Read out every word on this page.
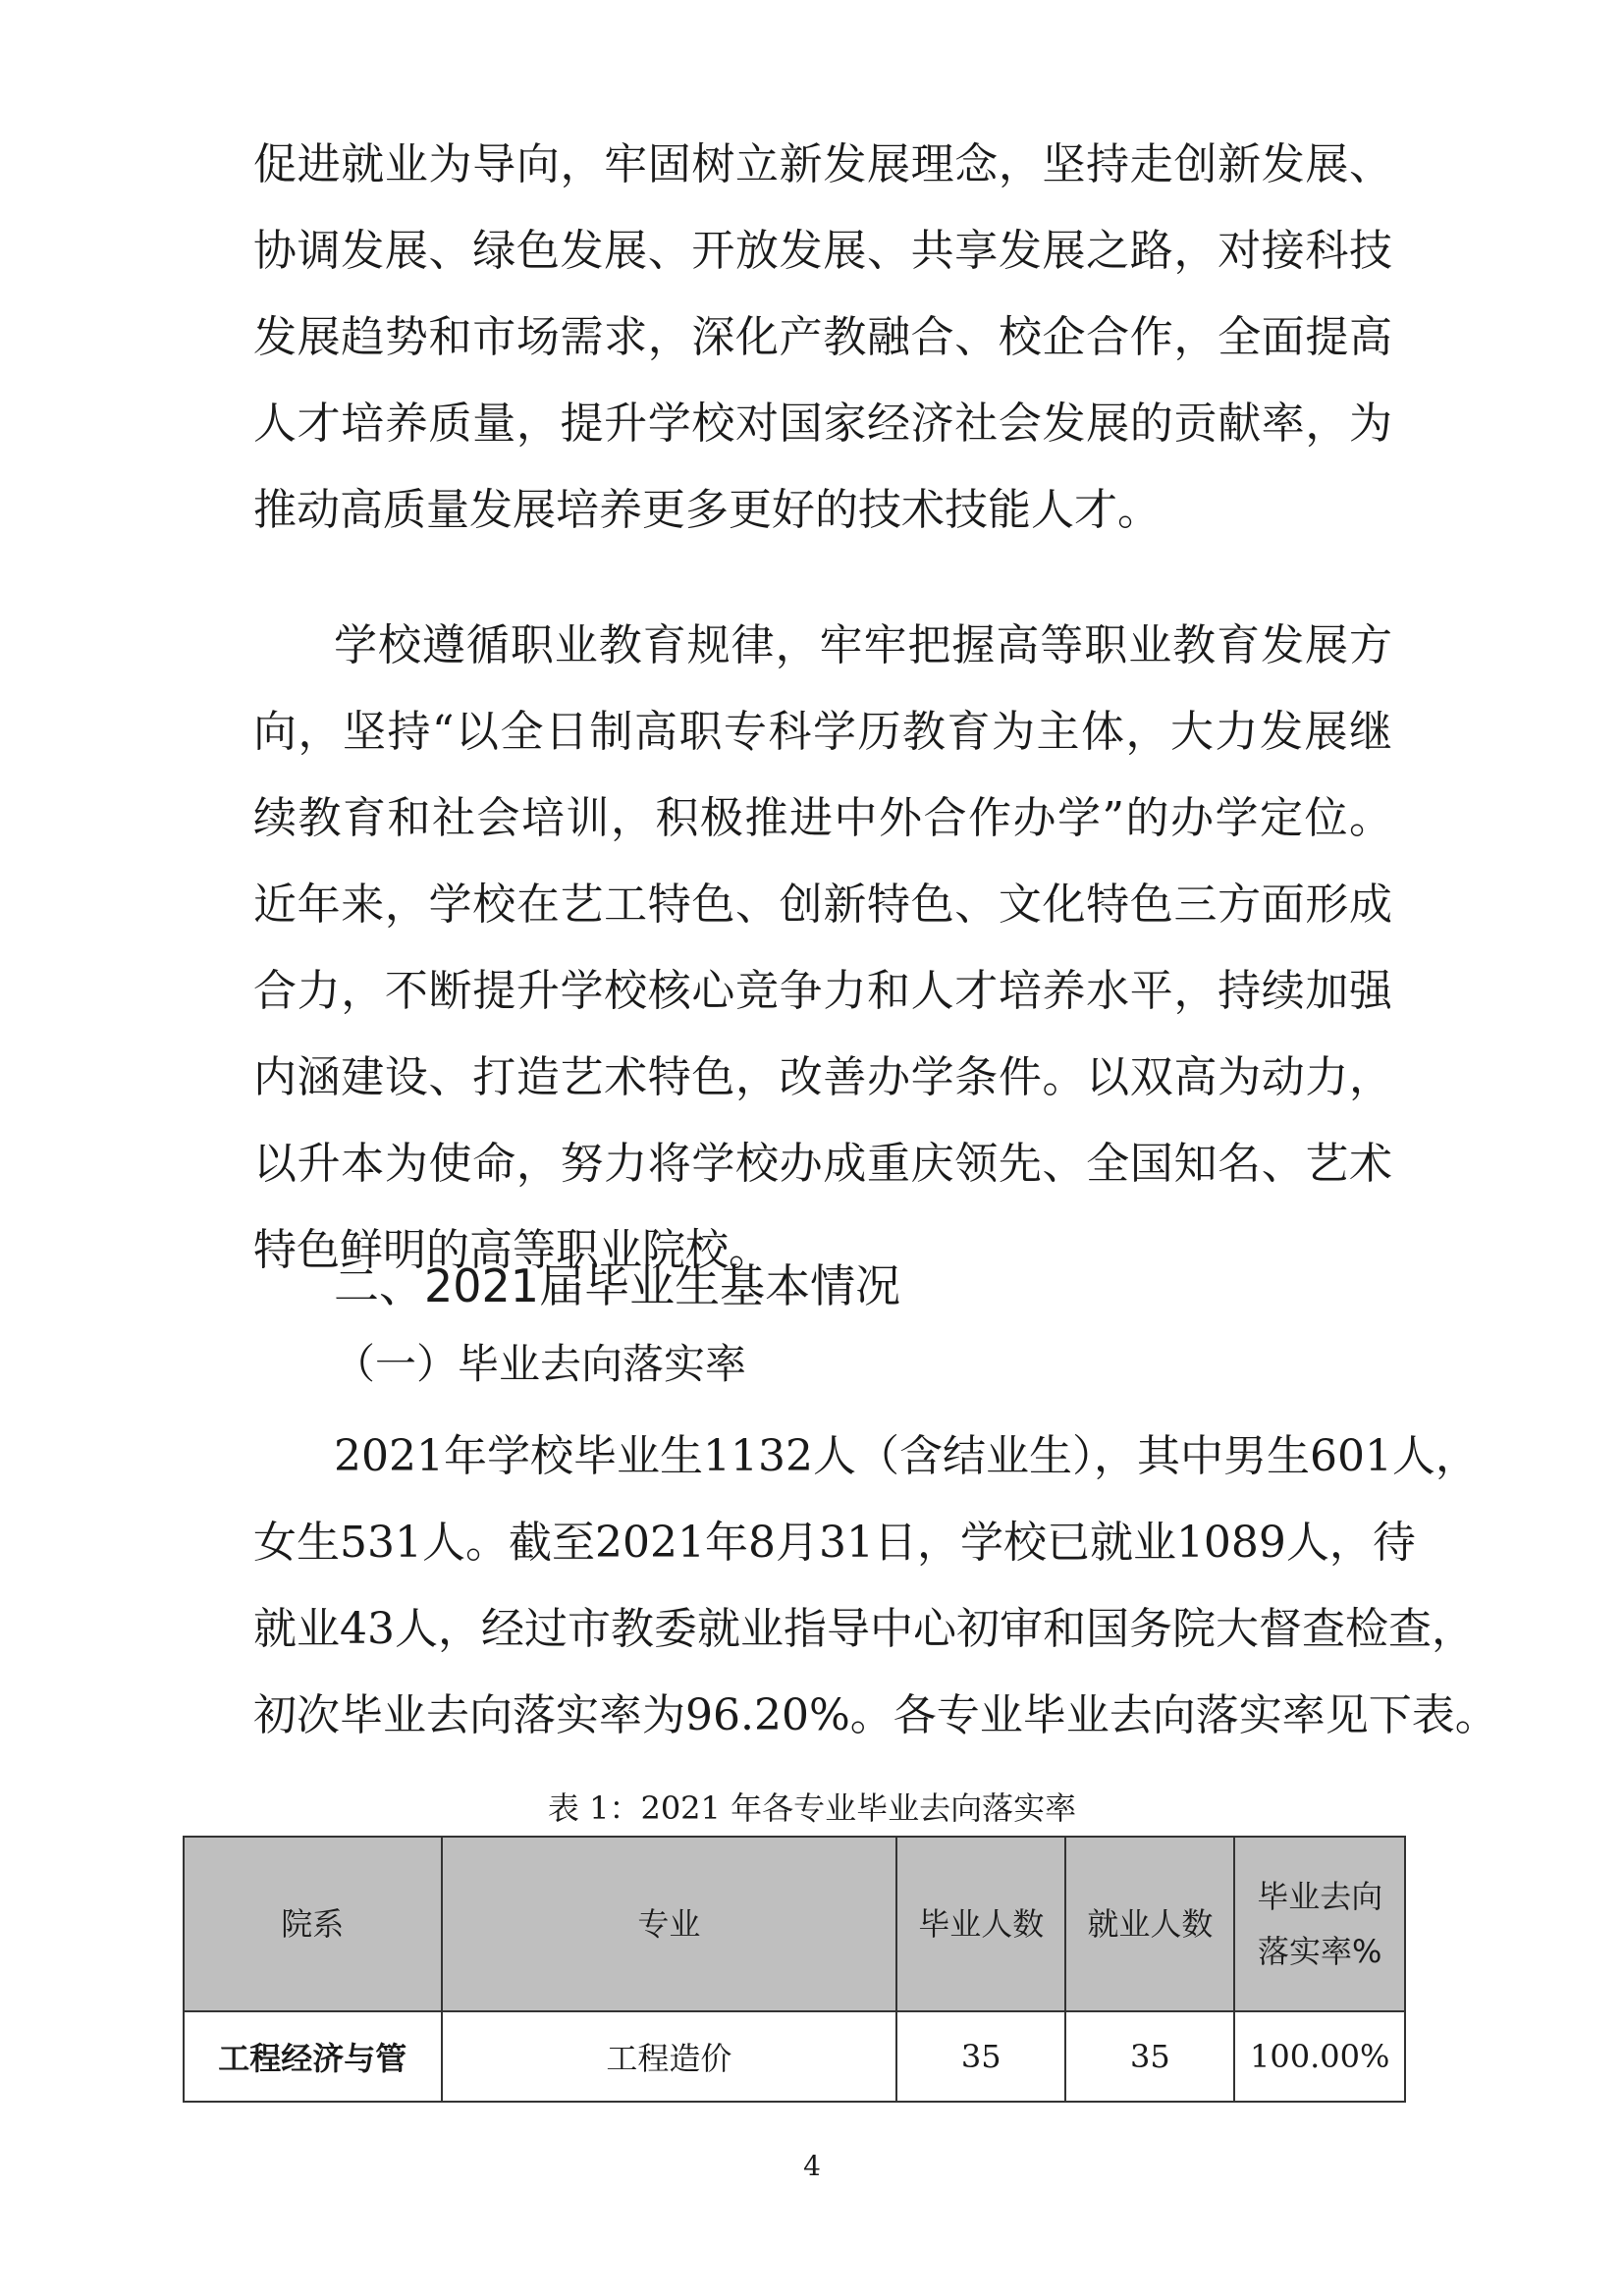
促进就业为导向，牢固树立新发展理念，坚持走创新发展、
协调发展、绿色发展、开放发展、共享发展之路，对接科技
发展趋势和市场需求，深化产教融合、校企合作，全面提高
人才培养质量，提升学校对国家经济社会发展的贡献率，为
推动高质量发展培养更多更好的技术技能人才。
学校遵循职业教育规律，牢牢把握高等职业教育发展方
向，坚持“以全日制高职专科学历教育为主体，大力发展继
续教育和社会培训，积极推进中外合作办学”的办学定位。
近年来，学校在艺工特色、创新特色、文化特色三方面形成
合力，不断提升学校核心竞争力和人才培养水平，持续加强
内涵建设、打造艺术特色，改善办学条件。以双高为动力，
以升本为使命，努力将学校办成重庆领先、全国知名、艺术
特色鲜明的高等职业院校。
二、2021届毕业生基本情况
（一）毕业去向落实率
2021年学校毕业生1132人（含结业生），其中男生601人，
女生531人。截至2021年8月31日，学校已就业1089人，待
就业43人，经过市教委就业指导中心初审和国务院大督查检查，
初次毕业去向落实率为96.20%。各专业毕业去向落实率见下表。
表 1：2021 年各专业毕业去向落实率
院系	专业	毕业人数	就业人数	毕业去向
落实率%

工程经济与管	工程造价	35	35	100.00%
4
